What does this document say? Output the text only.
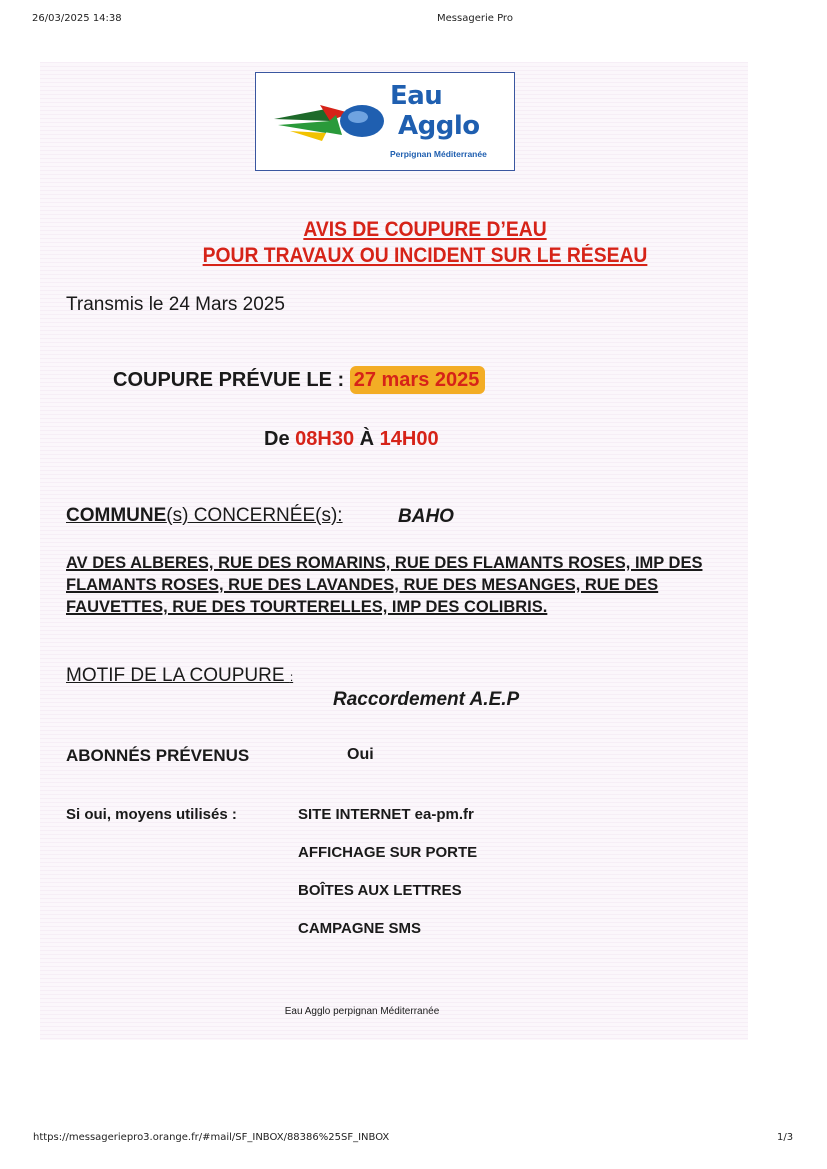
26/03/2025 14:38	Messagerie Pro
Eau
Agglo
Perpignan Méditerranée
AVIS DE COUPURE D’EAU
POUR TRAVAUX OU INCIDENT SUR LE RÉSEAU
Transmis le 24 Mars 2025
COUPURE PRÉVUE LE : 27 mars 2025
De 08H30 À 14H00
COMMUNE(s) CONCERNÉE(s):	BAHO
AV DES ALBERES, RUE DES ROMARINS, RUE DES FLAMANTS ROSES, IMP DES FLAMANTS ROSES, RUE DES LAVANDES, RUE DES MESANGES, RUE DES FAUVETTES, RUE DES TOURTERELLES, IMP DES COLIBRIS.
MOTIF DE LA COUPURE :
Raccordement A.E.P
ABONNÉS PRÉVENUS	Oui
Si oui, moyens utilisés :	SITE INTERNET ea-pm.fr
AFFICHAGE SUR PORTE
BOÎTES AUX LETTRES
CAMPAGNE SMS
Eau Agglo perpignan Méditerranée
https://messageriepro3.orange.fr/#mail/SF_INBOX/88386%25SF_INBOX	1/3
